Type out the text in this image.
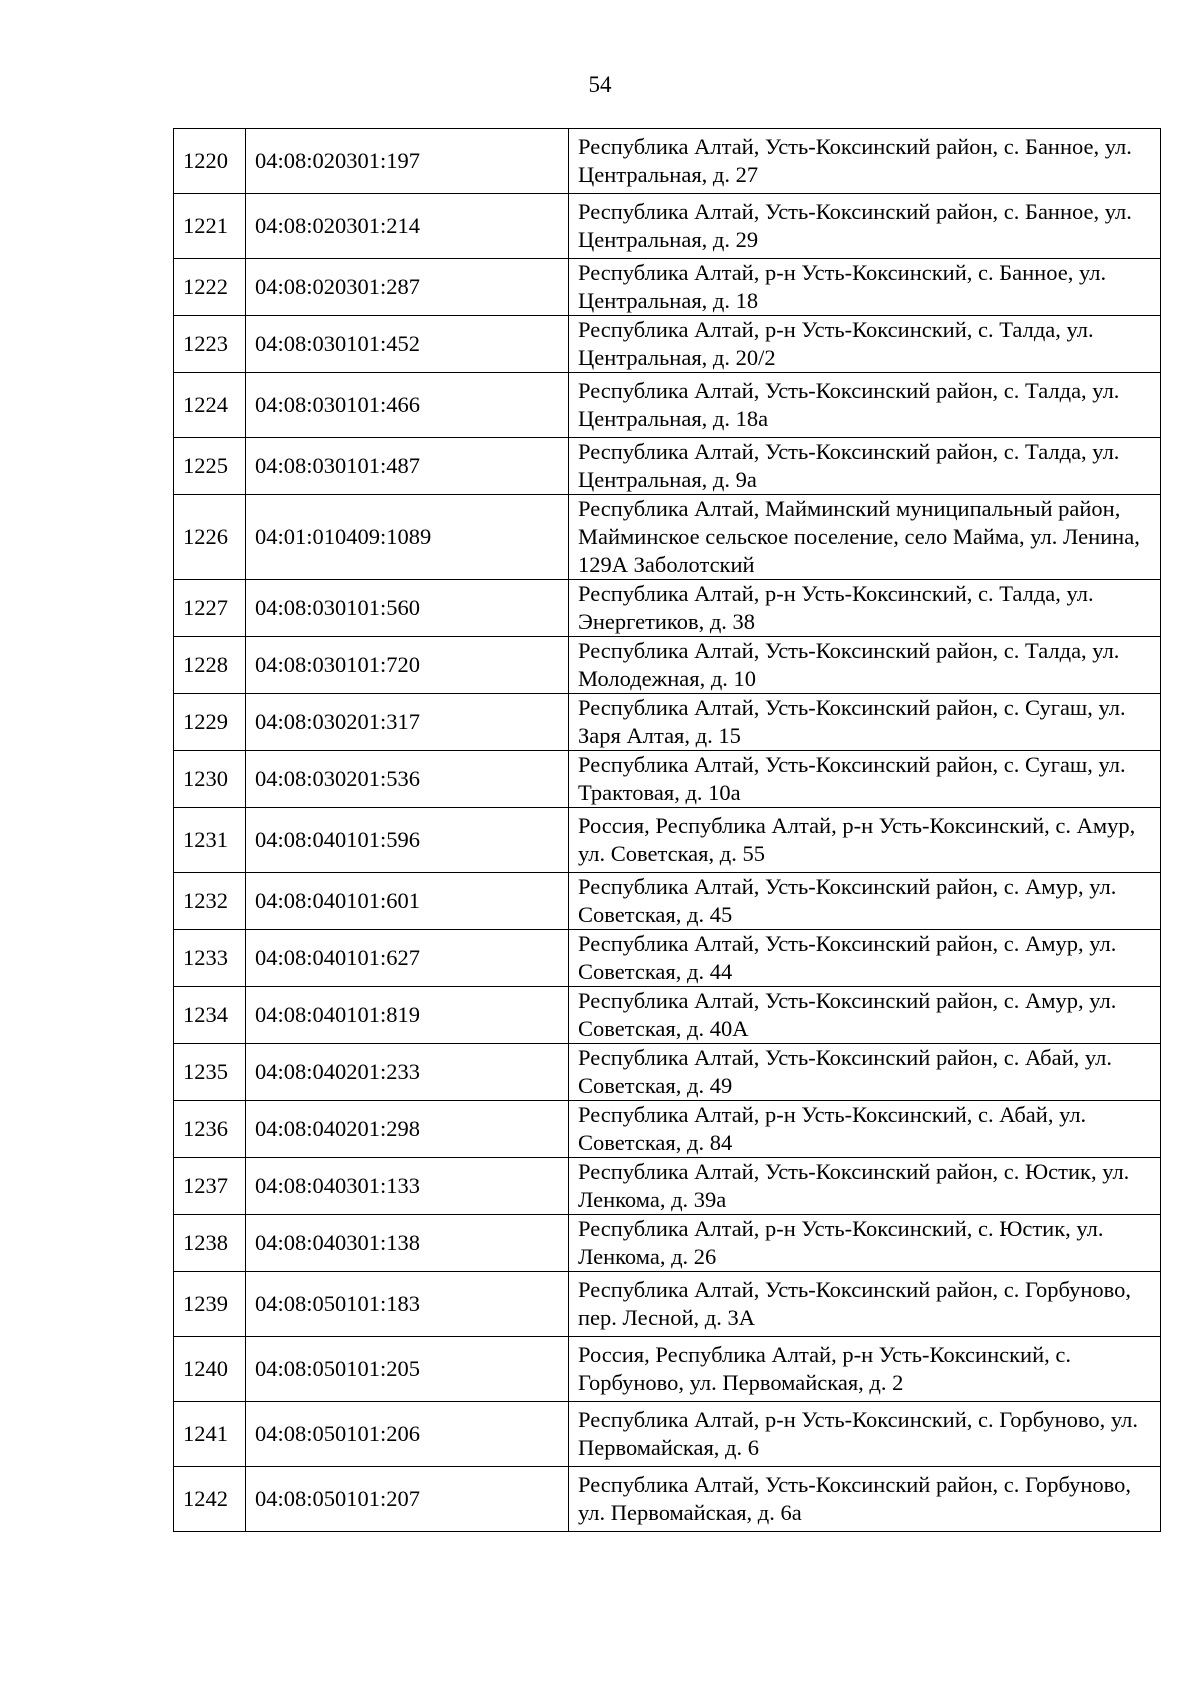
54
1220	04:08:020301:197	Республика Алтай, Усть-Коксинский район, с. Банное, ул. Центральная, д. 27
1221	04:08:020301:214	Республика Алтай, Усть-Коксинский район, с. Банное, ул. Центральная, д. 29
1222	04:08:020301:287	Республика Алтай, р-н Усть-Коксинский, с. Банное, ул. Центральная, д. 18
1223	04:08:030101:452	Республика Алтай, р-н Усть-Коксинский, с. Талда, ул. Центральная, д. 20/2
1224	04:08:030101:466	Республика Алтай, Усть-Коксинский район, с. Талда, ул. Центральная, д. 18а
1225	04:08:030101:487	Республика Алтай, Усть-Коксинский район, с. Талда, ул. Центральная, д. 9а
1226	04:01:010409:1089	Республика Алтай, Майминский муниципальный район, Майминское сельское поселение, село Майма, ул. Ленина, 129А Заболотский
1227	04:08:030101:560	Республика Алтай, р-н Усть-Коксинский, с. Талда, ул. Энергетиков, д. 38
1228	04:08:030101:720	Республика Алтай, Усть-Коксинский район, с. Талда, ул. Молодежная, д. 10
1229	04:08:030201:317	Республика Алтай, Усть-Коксинский район, с. Сугаш, ул. Заря Алтая, д. 15
1230	04:08:030201:536	Республика Алтай, Усть-Коксинский район, с. Сугаш, ул. Трактовая, д. 10а
1231	04:08:040101:596	Россия, Республика Алтай, р-н Усть-Коксинский, с. Амур, ул. Советская, д. 55
1232	04:08:040101:601	Республика Алтай, Усть-Коксинский район, с. Амур, ул. Советская, д. 45
1233	04:08:040101:627	Республика Алтай, Усть-Коксинский район, с. Амур, ул. Советская, д. 44
1234	04:08:040101:819	Республика Алтай, Усть-Коксинский район, с. Амур, ул. Советская, д. 40А
1235	04:08:040201:233	Республика Алтай, Усть-Коксинский район, с. Абай, ул. Советская, д. 49
1236	04:08:040201:298	Республика Алтай, р-н Усть-Коксинский, с. Абай, ул. Советская, д. 84
1237	04:08:040301:133	Республика Алтай, Усть-Коксинский район, с. Юстик, ул. Ленкома, д. 39а
1238	04:08:040301:138	Республика Алтай, р-н Усть-Коксинский, с. Юстик, ул. Ленкома, д. 26
1239	04:08:050101:183	Республика Алтай, Усть-Коксинский район, с. Горбуново, пер. Лесной, д. 3А
1240	04:08:050101:205	Россия, Республика Алтай, р-н Усть-Коксинский, с. Горбуново, ул. Первомайская, д. 2
1241	04:08:050101:206	Республика Алтай, р-н Усть-Коксинский, с. Горбуново, ул. Первомайская, д. 6
1242	04:08:050101:207	Республика Алтай, Усть-Коксинский район, с. Горбуново, ул. Первомайская, д. 6а
